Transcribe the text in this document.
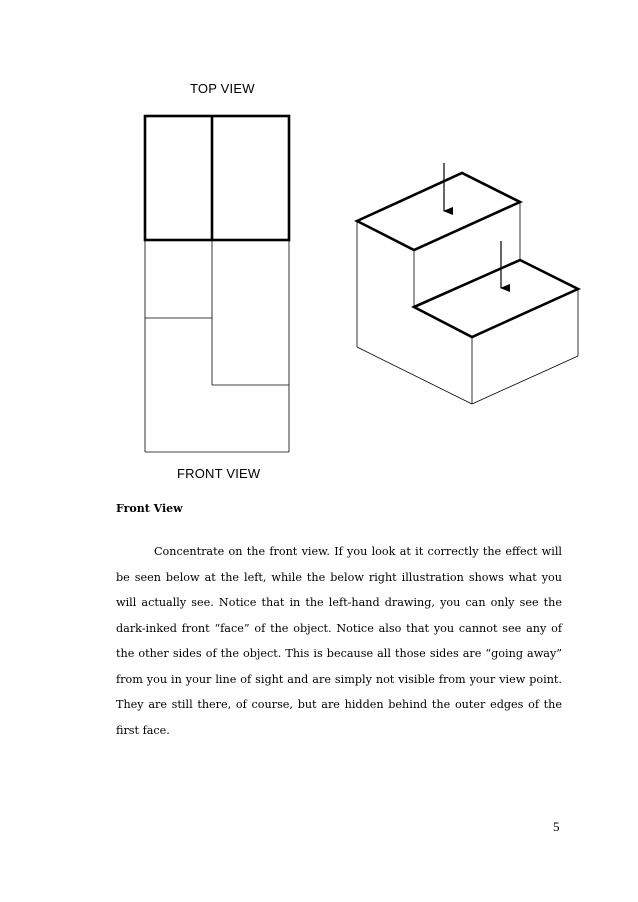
TOP VIEW
FRONT VIEW
Front View

Concentrate on the front view. If you look at it correctly the effect will be seen below at the left, while the below right illustration shows what you will actually see. Notice that in the left-hand drawing, you can only see the dark-inked front “face” of the object. Notice also that you cannot see any of the other sides of the object. This is because all those sides are “going away” from you in your line of sight and are simply not visible from your view point. They are still there, of course, but are hidden behind the outer edges of the first face.

5
